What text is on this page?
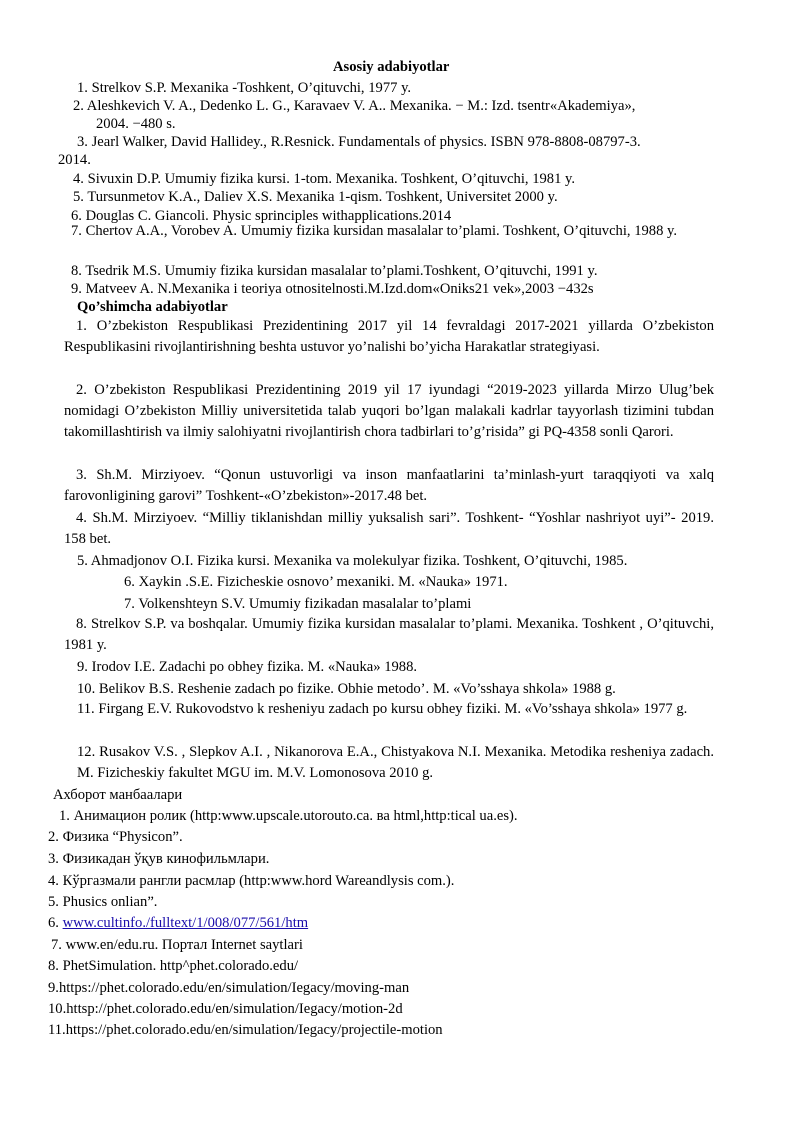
Asosiy adabiyotlar
1. Strelkov S.P. Mexanika -Toshkent, O’qituvchi, 1977 y.
2. Aleshkevich V. A., Dedenko L. G., Karavaev V. A.. Mexanika. − M.: Izd. tsentr«Akademiya»,
2004. −480 s.
3. Jearl Walker, David Hallidey., R.Resnick. Fundamentals of physics. ISBN 978-8808-08797-3.
2014.
4. Sivuxin D.P. Umumiy fizika kursi. 1-tom. Mexanika. Toshkent, O’qituvchi, 1981 y.
5. Tursunmetov K.A., Daliev X.S. Mexanika 1-qism. Toshkent, Universitet 2000 y.
6. Douglas C. Giancoli. Physic sprinciples withapplications.2014
7. Chertov A.A., Vorobev A. Umumiy fizika kursidan masalalar to’plami. Toshkent, O’qituvchi, 1988 y.
8. Tsedrik M.S. Umumiy fizika kursidan masalalar to’plami.Toshkent, O’qituvchi, 1991 y.
9. Matveev A. N.Mexanika i teoriya otnositelnosti.M.Izd.dom«Oniks21 vek»,2003 −432s
Qo’shimcha adabiyotlar
1. O’zbekiston Respublikasi Prezidentining 2017 yil 14 fevraldagi 2017-2021 yillarda O’zbekiston Respublikasini rivojlantirishning beshta ustuvor yo’nalishi bo’yicha Harakatlar strategiyasi.
2. O’zbekiston Respublikasi Prezidentining 2019 yil 17 iyundagi “2019-2023 yillarda Mirzo Ulug’bek nomidagi O’zbekiston Milliy universitetida talab yuqori bo’lgan malakali kadrlar tayyorlash tizimini tubdan takomillashtirish va ilmiy salohiyatni rivojlantirish chora tadbirlari to’g’risida” gi PQ-4358 sonli Qarori.
3. Sh.M. Mirziyoev. “Qonun ustuvorligi va inson manfaatlarini ta’minlash-yurt taraqqiyoti va xalq farovonligining garovi” Toshkent-«O’zbekiston»-2017.48 bet.
4. Sh.M. Mirziyoev. “Milliy tiklanishdan milliy yuksalish sari”. Toshkent- “Yoshlar nashriyot uyi”- 2019. 158 bet.
5. Ahmadjonov O.I. Fizika kursi. Mexanika va molekulyar fizika. Toshkent, O’qituvchi, 1985.
6. Xaykin .S.E. Fizicheskie osnovo’ mexaniki. M. «Nauka» 1971.
7. Volkenshteyn S.V. Umumiy fizikadan masalalar to’plami
8. Strelkov S.P. va boshqalar. Umumiy fizika kursidan masalalar to’plami. Mexanika. Toshkent , O’qituvchi, 1981 y.
9. Irodov I.E. Zadachi po obhey fizika. M. «Nauka» 1988.
10. Belikov B.S. Reshenie zadach po fizike. Obhie metodo’. M. «Vo’sshaya shkola» 1988 g.
11. Firgang E.V. Rukovodstvo k resheniyu zadach po kursu obhey fiziki. M. «Vo’sshaya shkola» 1977 g.
12. Rusakov V.S. , Slepkov A.I. , Nikanorova E.A., Chistyakova N.I. Mexanika. Metodika resheniya zadach. M. Fizicheskiy fakultet MGU im. M.V. Lomonosova 2010 g.
Ахборот манбаалари
1. Анимацион ролик (http:www.upscale.utorouto.ca. ва html,http:tical ua.es).
2. Физика “Physicon”.
3. Физикадан ўқув кинофильмлари.
4. Кўргазмали рангли расмлар (http:www.hord Wareandlysis com.).
5. Phusics onlian”.
6. www.cultinfo./fulltext/1/008/077/561/htm
7. www.en/edu.ru. Портал Internet saytlari
8. PhetSimulation. http^phet.colorado.edu/
9.https://phet.colorado.edu/en/simulation/Iegacy/moving-man
10.httsp://phet.colorado.edu/en/simulation/Iegacy/motion-2d
11.https://phet.colorado.edu/en/simulation/Iegacy/projectile-motion
